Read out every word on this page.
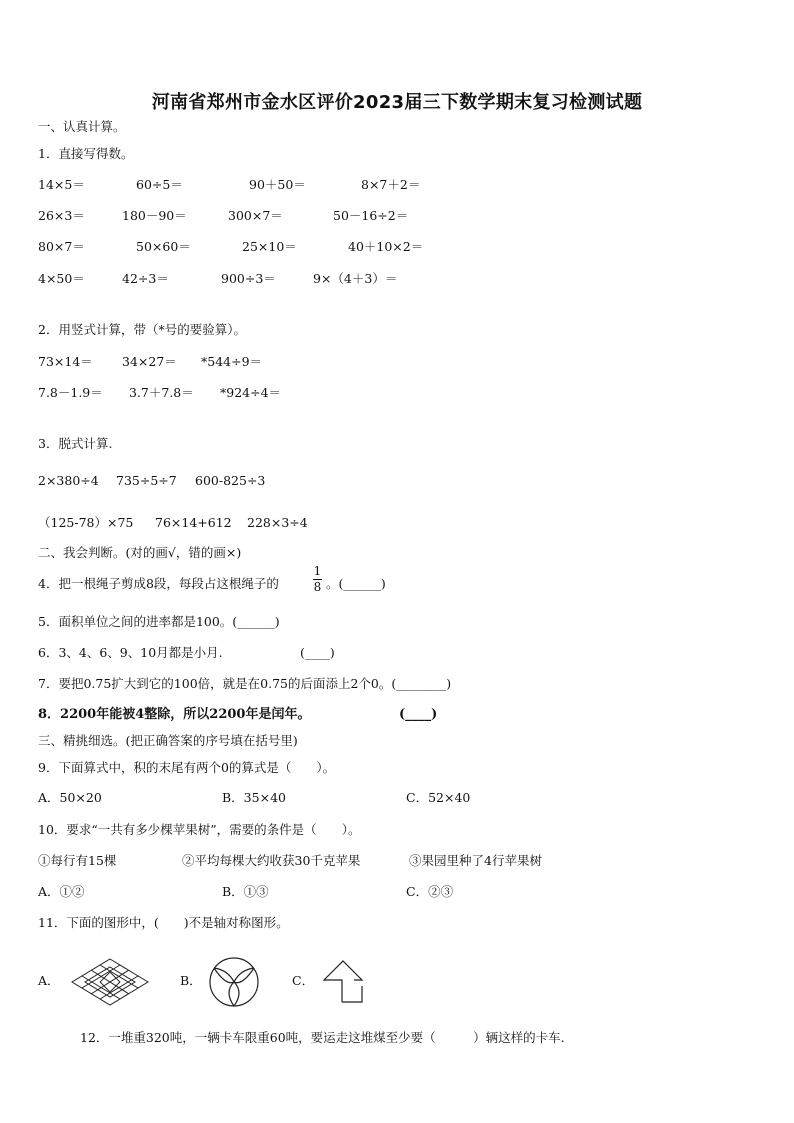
河南省郑州市金水区评价2023届三下数学期末复习检测试题
一、认真计算。
1．直接写得数。
14×5＝	60÷5＝	90＋50＝	8×7＋2＝
26×3＝	180－90＝	300×7＝	50－16÷2＝
80×7＝	50×60＝	25×10＝	40＋10×2＝
4×50＝	42÷3＝	900÷3＝	9×（4＋3）＝
2．用竖式计算，带（*号的要验算）。
73×14＝ 34×27＝ *544÷9＝
7.8－1.9＝ 3.7＋7.8＝ *924÷4＝
3．脱式计算.
2×380÷4 735÷5÷7 600-825÷3
（125-78）×75 76×14+612 228×3÷4
二、我会判断。(对的画√，错的画×)
4．把一根绳子剪成8段，每段占这根绳子的
1
8 。(______)
5．面积单位之间的进率都是100。(______)
6．3、4、6、9、10月都是小月.	(____)
7．要把0.75扩大到它的100倍，就是在0.75的后面添上2个0。(________)
8．2200年能被4整除，所以2200年是闰年。	(____)
三、精挑细选。(把正确答案的序号填在括号里)
9．下面算式中，积的末尾有两个0的算式是（　　）。
A．50×20	B．35×40	C．52×40
10．要求“一共有多少棵苹果树”，需要的条件是（　　）。
①每行有15棵	②平均每棵大约收获30千克苹果	③果园里种了4行苹果树
A．①②	B．①③	C．②③
11．下面的图形中，(　　)不是轴对称图形。
A．	B．	C．
12．一堆重320吨，一辆卡车限重60吨，要运走这堆煤至少要（　　　）辆这样的卡车.
